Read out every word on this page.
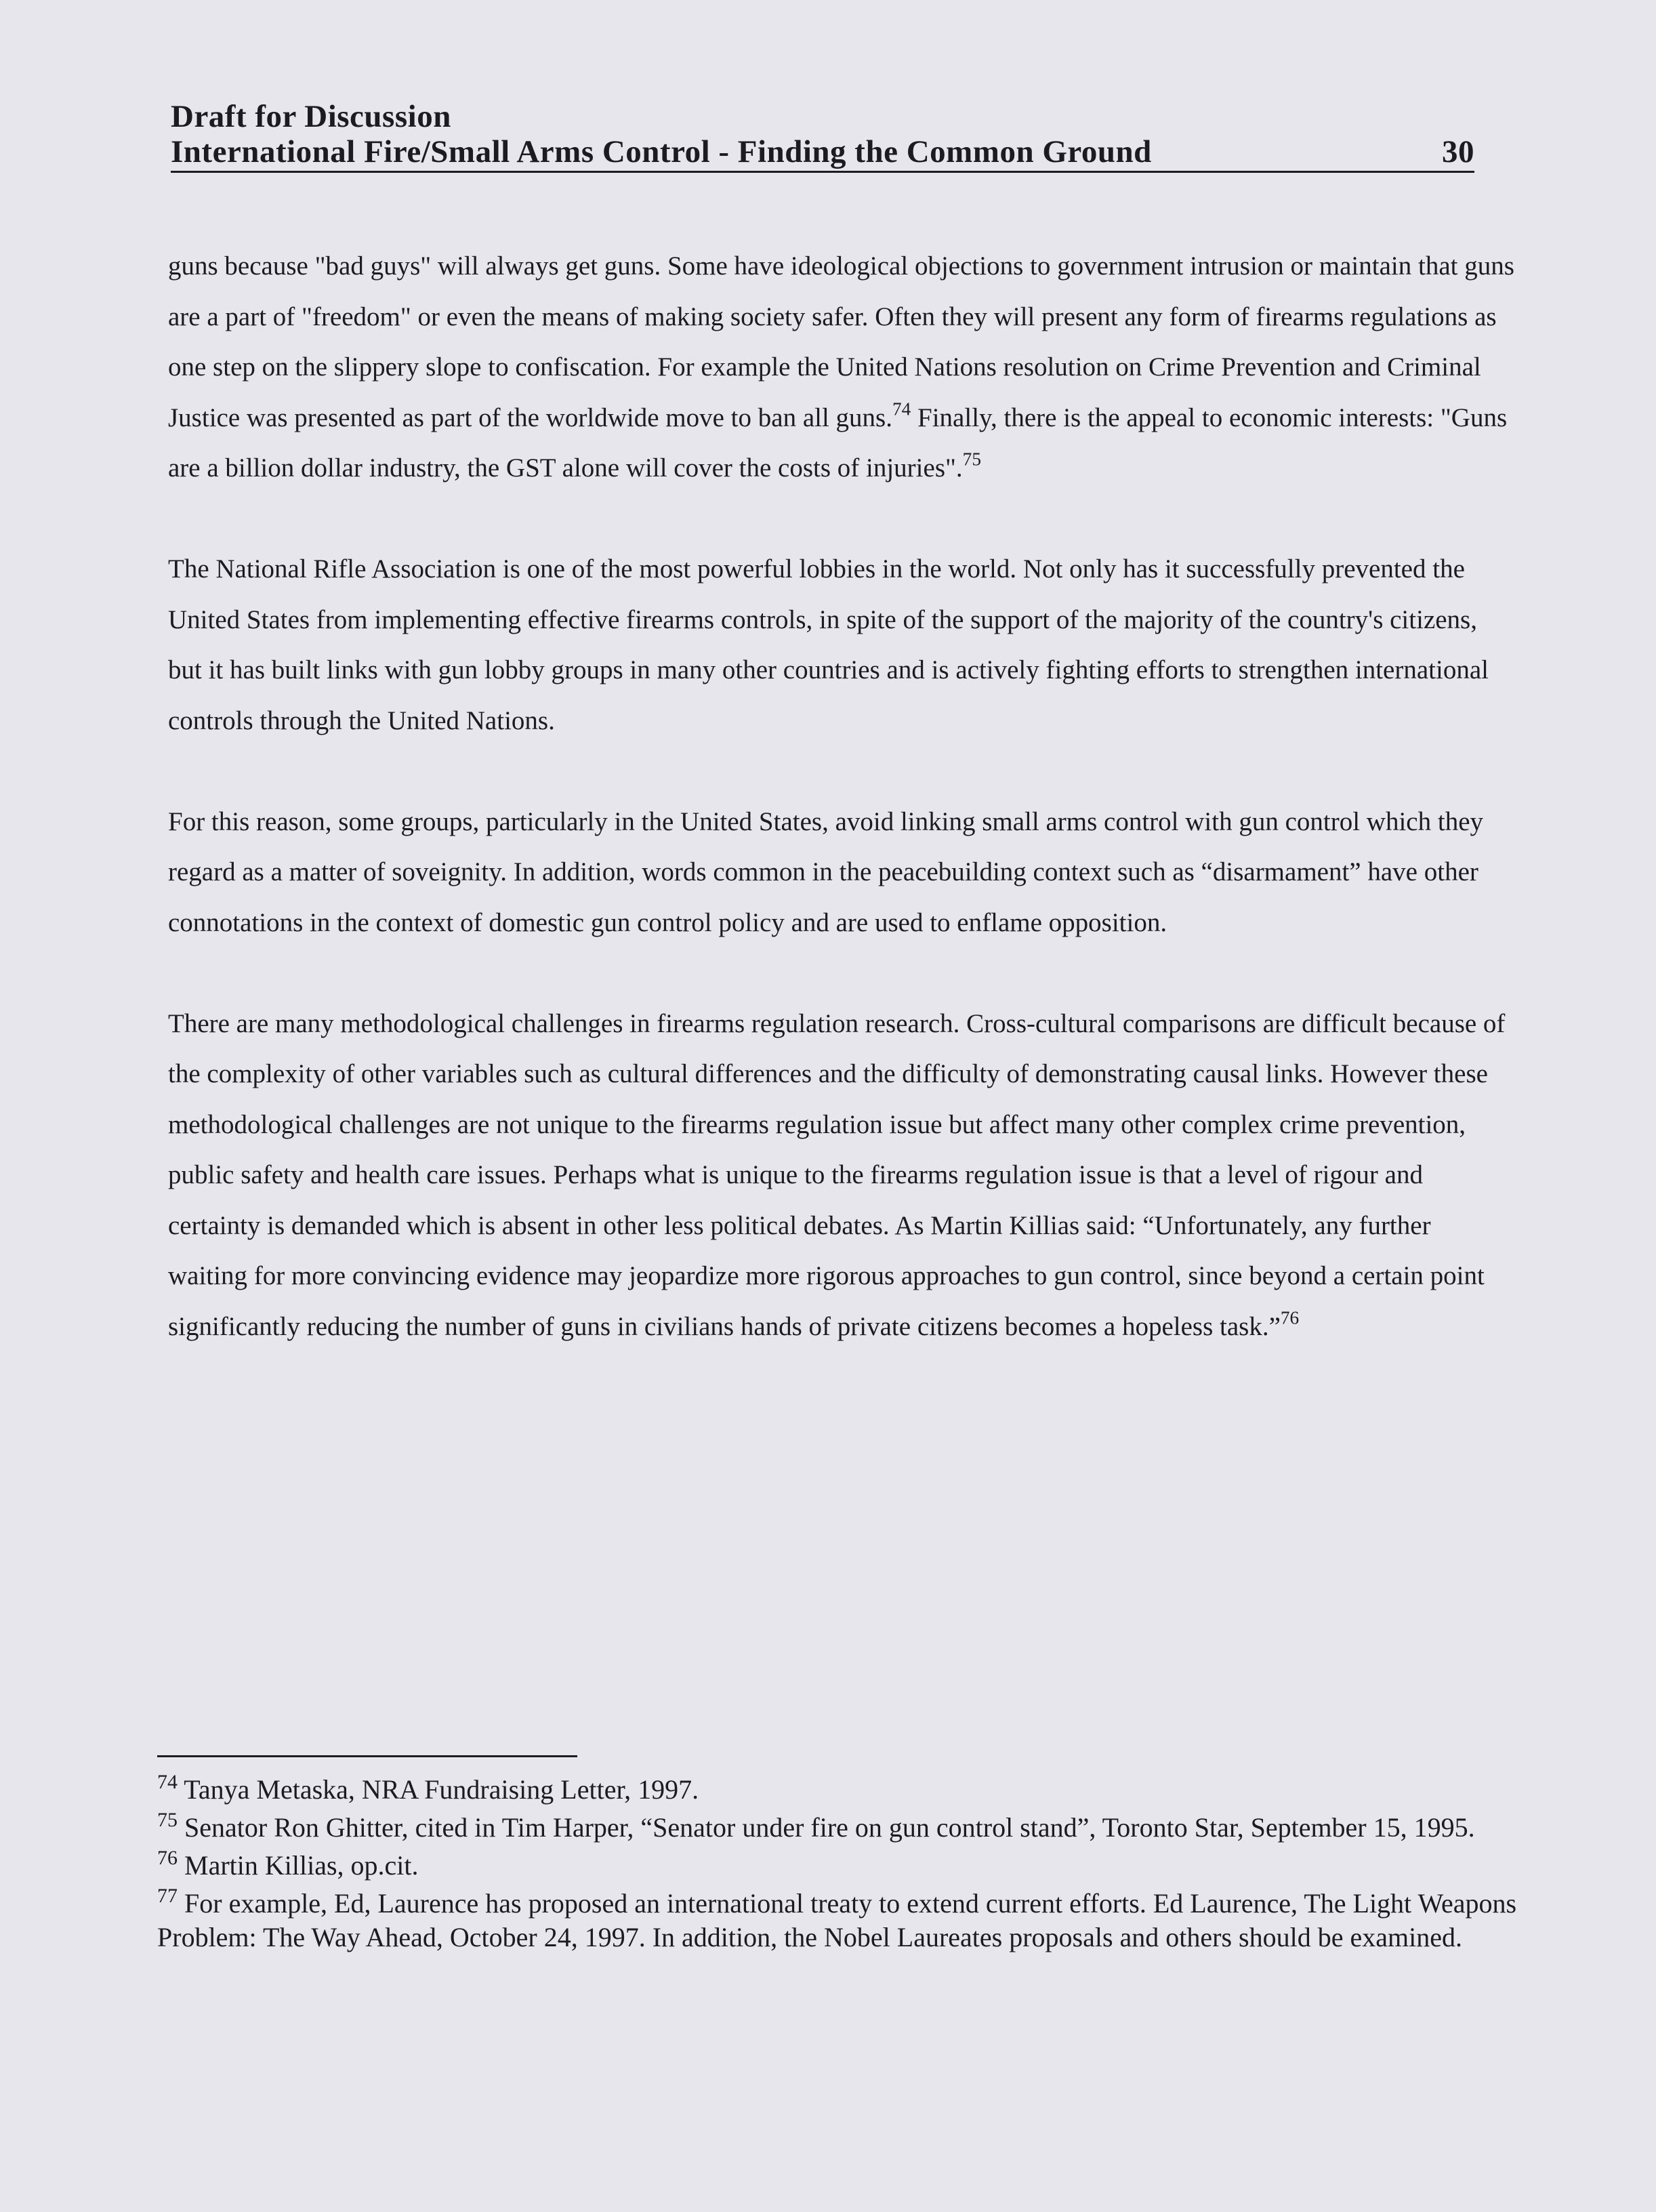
Draft for Discussion
International Fire/Small Arms Control - Finding the Common Ground	30

guns because "bad guys" will always get guns. Some have ideological objections to government intrusion or maintain that guns are a part of "freedom" or even the means of making society safer. Often they will present any form of firearms regulations as one step on the slippery slope to confiscation. For example the United Nations resolution on Crime Prevention and Criminal Justice was presented as part of the worldwide move to ban all guns.$^{74}$ Finally, there is the appeal to economic interests: "Guns are a billion dollar industry, the GST alone will cover the costs of injuries".$^{75}$

The National Rifle Association is one of the most powerful lobbies in the world. Not only has it successfully prevented the United States from implementing effective firearms controls, in spite of the support of the majority of the country's citizens, but it has built links with gun lobby groups in many other countries and is actively fighting efforts to strengthen international controls through the United Nations.

For this reason, some groups, particularly in the United States, avoid linking small arms control with gun control which they regard as a matter of soveignity. In addition, words common in the peacebuilding context such as “disarmament” have other connotations in the context of domestic gun control policy and are used to enflame opposition.

There are many methodological challenges in firearms regulation research. Cross-cultural comparisons are difficult because of the complexity of other variables such as cultural differences and the difficulty of demonstrating causal links. However these methodological challenges are not unique to the firearms regulation issue but affect many other complex crime prevention, public safety and health care issues. Perhaps what is unique to the firearms regulation issue is that a level of rigour and certainty is demanded which is absent in other less political debates. As Martin Killias said: “Unfortunately, any further waiting for more convincing evidence may jeopardize more rigorous approaches to gun control, since beyond a certain point significantly reducing the number of guns in civilians hands of private citizens becomes a hopeless task.”$^{76}$

$^{74}$ Tanya Metaska, NRA Fundraising Letter, 1997.

$^{75}$ Senator Ron Ghitter, cited in Tim Harper, “Senator under fire on gun control stand”, Toronto Star, September 15, 1995.

$^{76}$ Martin Killias, op.cit.

$^{77}$ For example, Ed, Laurence has proposed an international treaty to extend current efforts. Ed Laurence, The Light Weapons Problem: The Way Ahead, October 24, 1997. In addition, the Nobel Laureates proposals and others should be examined.
